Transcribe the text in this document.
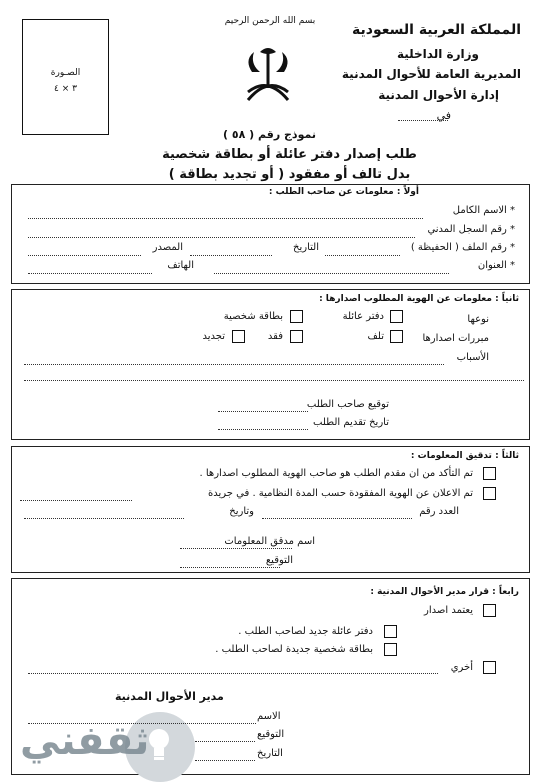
بسم الله الرحمن الرحيم
الصـورة
٣ × ٤
المملكة العربية السعودية
وزارة الداخلية
المديرية العامة للأحوال المدنية
إدارة الأحوال المدنية
في
نموذج رقم ( ٥٨ )
طلب إصدار دفتر عائلة أو بطاقة شخصية
بدل تالف أو مفقود ( أو تجديد بطاقة )
أولاً : معلومات عن صاحب الطلب :
* الاسم الكامل
* رقم السجل المدني
* رقم الملف ( الحفيظة )
التاريخ
المصدر
* العنوان
الهاتف
ثانياً : معلومات عن الهوية المطلوب اصدارها :
نوعها
دفتر عائلة
بطاقة شخصية
مبررات اصدارها
تلف
فقد
تجديد
الأسباب
توقيع صاحب الطلب
تاريخ تقديم الطلب
ثالثاً : تدقيق المعلومات :
تم التأكد من ان مقدم الطلب هو صاحب الهوية المطلوب اصدارها .
تم الاعلان عن الهوية المفقودة حسب المدة النظامية . في جريدة
العدد رقم
وتاريخ
اسم مدقق المعلومات
التوقيع
رابعاً : قرار مدير الأحوال المدنية :
يعتمد اصدار
دفتر عائلة جديد لصاحب الطلب .
بطاقة شخصية جديدة لصاحب الطلب .
أخري
مدير الأحوال المدنية
ثقفني
الاسم
التوقيع
التاريخ
